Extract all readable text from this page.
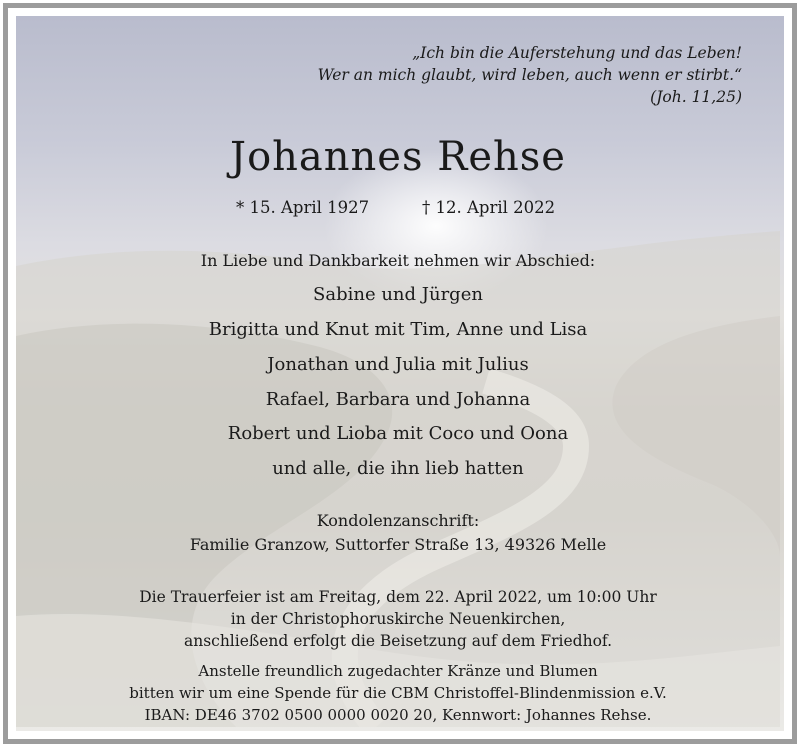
„Ich bin die Auferstehung und das Leben!
Wer an mich glaubt, wird leben, auch wenn er stirbt.“
(Joh. 11,25)
Johannes Rehse
* 15. April 1927	† 12. April 2022
In Liebe und Dankbarkeit nehmen wir Abschied:
Sabine und Jürgen
Brigitta und Knut mit Tim, Anne und Lisa
Jonathan und Julia mit Julius
Rafael, Barbara und Johanna
Robert und Lioba mit Coco und Oona
und alle, die ihn lieb hatten
Kondolenzanschrift:
Familie Granzow, Suttorfer Straße 13, 49326 Melle
Die Trauerfeier ist am Freitag, dem 22. April 2022, um 10:00 Uhr
in der Christophoruskirche Neuenkirchen,
anschließend erfolgt die Beisetzung auf dem Friedhof.
Anstelle freundlich zugedachter Kränze und Blumen
bitten wir um eine Spende für die CBM Christoffel-Blindenmission e.V.
IBAN: DE46 3702 0500 0000 0020 20, Kennwort: Johannes Rehse.
